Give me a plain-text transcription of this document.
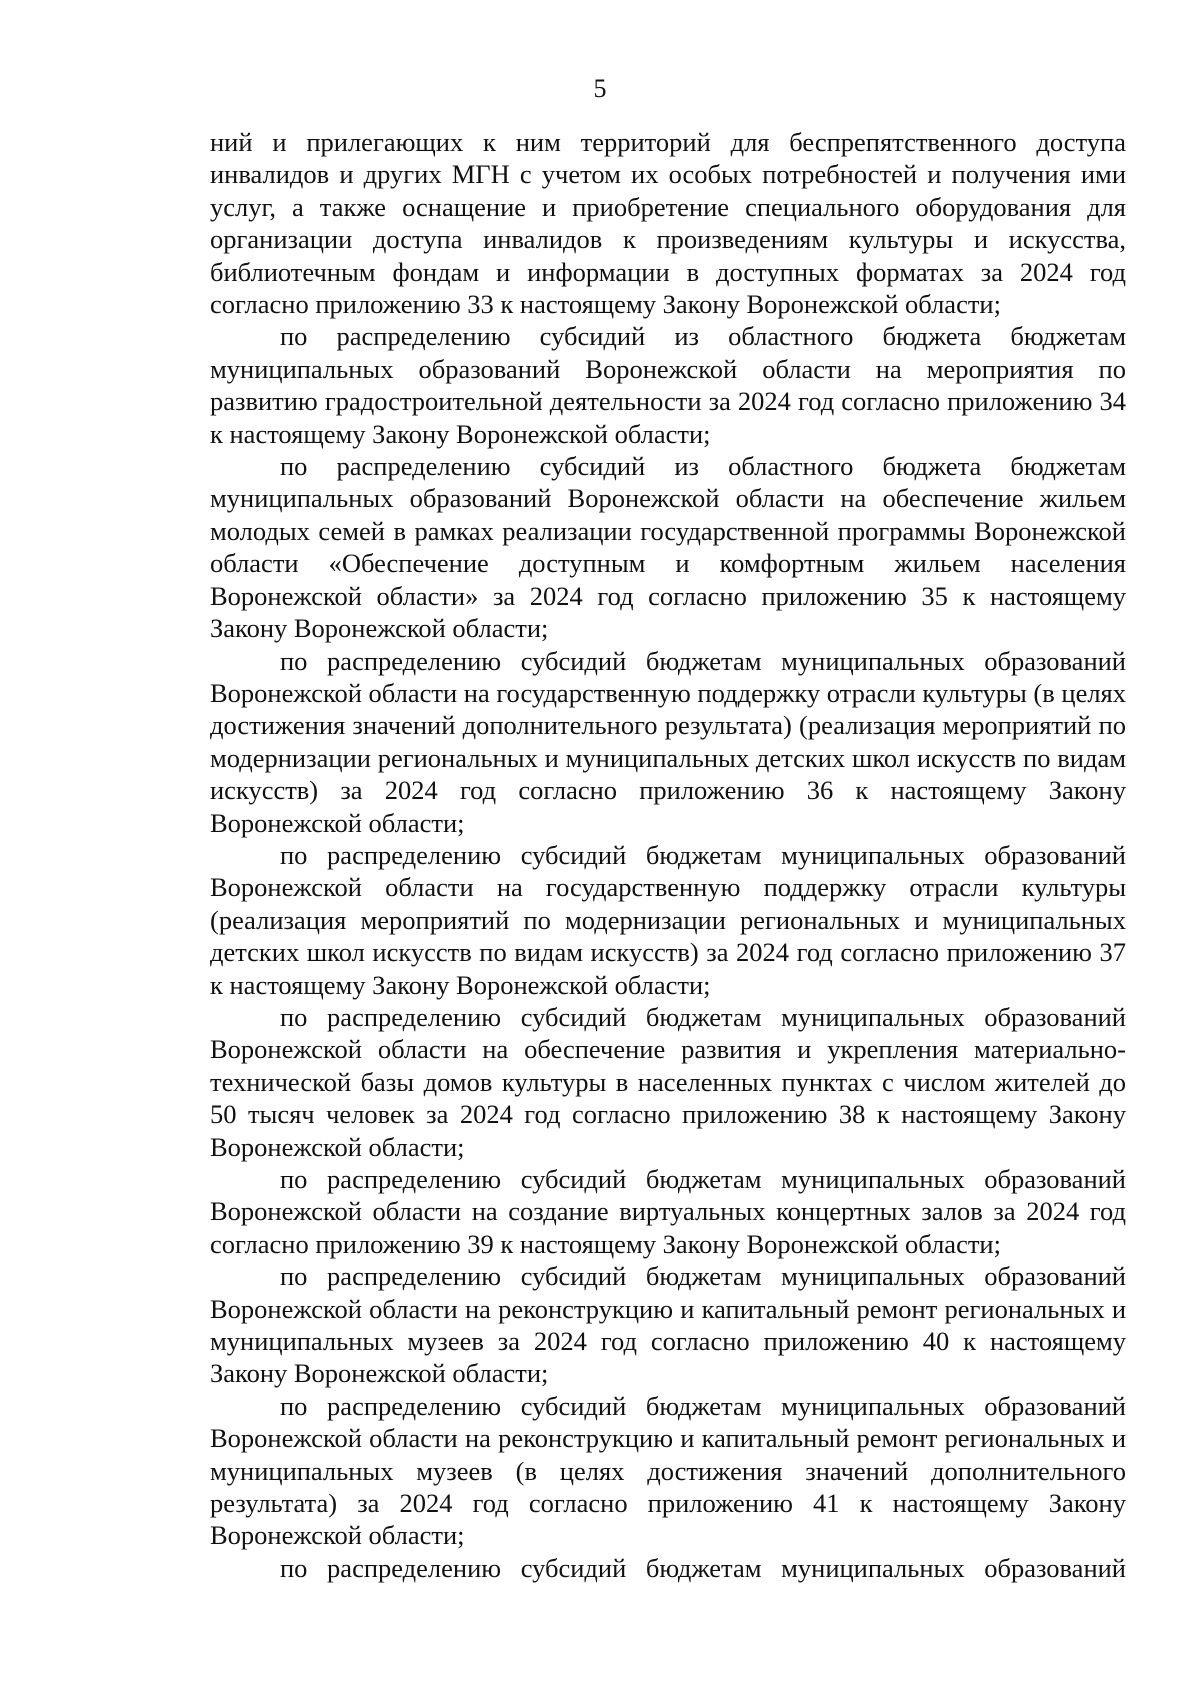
5

ний и прилегающих к ним территорий для беспрепятственного доступа инвалидов и других МГН с учетом их особых потребностей и получения ими услуг, а также оснащение и приобретение специального оборудования для организации доступа инвалидов к произведениям культуры и искусства, библиотечным фондам и информации в доступных форматах за 2024 год согласно приложению 33 к настоящему Закону Воронежской области;

по распределению субсидий из областного бюджета бюджетам муниципальных образований Воронежской области на мероприятия по развитию градостроительной деятельности за 2024 год согласно приложению 34 к настоящему Закону Воронежской области;

по распределению субсидий из областного бюджета бюджетам муниципальных образований Воронежской области на обеспечение жильем молодых семей в рамках реализации государственной программы Воронежской области «Обеспечение доступным и комфортным жильем населения Воронежской области» за 2024 год согласно приложению 35 к настоящему Закону Воронежской области;

по распределению субсидий бюджетам муниципальных образований Воронежской области на государственную поддержку отрасли культуры (в целях достижения значений дополнительного результата) (реализация мероприятий по модернизации региональных и муниципальных детских школ искусств по видам искусств) за 2024 год согласно приложению 36 к настоящему Закону Воронежской области;

по распределению субсидий бюджетам муниципальных образований Воронежской области на государственную поддержку отрасли культуры (реализация мероприятий по модернизации региональных и муниципальных детских школ искусств по видам искусств) за 2024 год согласно приложению 37 к настоящему Закону Воронежской области;

по распределению субсидий бюджетам муниципальных образований Воронежской области на обеспечение развития и укрепления материально-технической базы домов культуры в населенных пунктах с числом жителей до 50 тысяч человек за 2024 год согласно приложению 38 к настоящему Закону Воронежской области;

по распределению субсидий бюджетам муниципальных образований Воронежской области на создание виртуальных концертных залов за 2024 год согласно приложению 39 к настоящему Закону Воронежской области;

по распределению субсидий бюджетам муниципальных образований Воронежской области на реконструкцию и капитальный ремонт региональных и муниципальных музеев за 2024 год согласно приложению 40 к настоящему Закону Воронежской области;

по распределению субсидий бюджетам муниципальных образований Воронежской области на реконструкцию и капитальный ремонт региональных и муниципальных музеев (в целях достижения значений дополнительного результата) за 2024 год согласно приложению 41 к настоящему Закону Воронежской области;

по распределению субсидий бюджетам муниципальных образований
